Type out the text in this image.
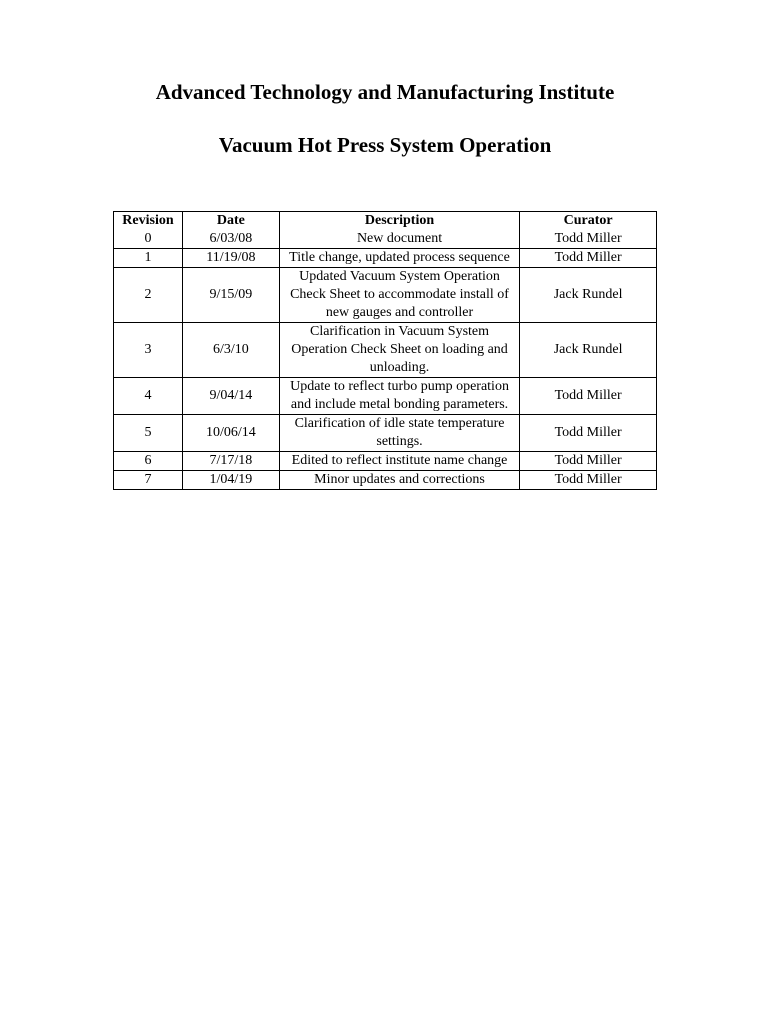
Advanced Technology and Manufacturing Institute
Vacuum Hot Press System Operation
Revision	Date	Description	Curator
0	6/03/08	New document	Todd Miller
1	11/19/08	Title change, updated process sequence	Todd Miller
2	9/15/09	Updated Vacuum System Operation Check Sheet to accommodate install of new gauges and controller	Jack Rundel
3	6/3/10	Clarification in Vacuum System Operation Check Sheet on loading and unloading.	Jack Rundel
4	9/04/14	Update to reflect turbo pump operation and include metal bonding parameters.	Todd Miller
5	10/06/14	Clarification of idle state temperature settings.	Todd Miller
6	7/17/18	Edited to reflect institute name change	Todd Miller
7	1/04/19	Minor updates and corrections	Todd Miller
